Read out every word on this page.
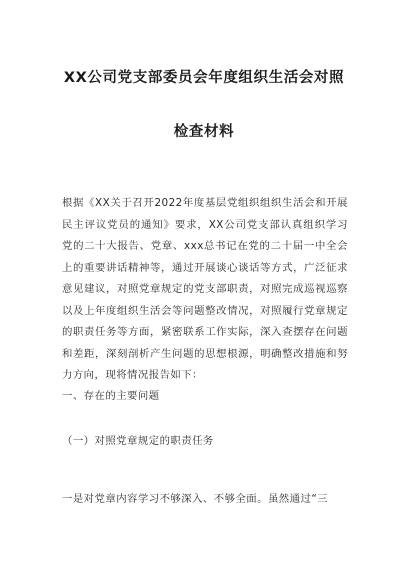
XX公司党支部委员会年度组织生活会对照
检查材料

根据《XX关于召开2022年度基层党组织组织生活会和开展民主评议党员的通知》要求，XX公司党支部认真组织学习党的二十大报告、党章、xxx总书记在党的二十届一中全会上的重要讲话精神等，通过开展谈心谈话等方式，广泛征求意见建议，对照党章规定的党支部职责，对照完成巡视巡察以及上年度组织生活会等问题整改情况，对照履行党章规定的职责任务等方面，紧密联系工作实际，深入查摆存在问题和差距，深刻剖析产生问题的思想根源，明确整改措施和努力方向，现将情况报告如下：

一、存在的主要问题

（一）对照党章规定的职责任务

一是对党章内容学习不够深入、不够全面。虽然通过“三
